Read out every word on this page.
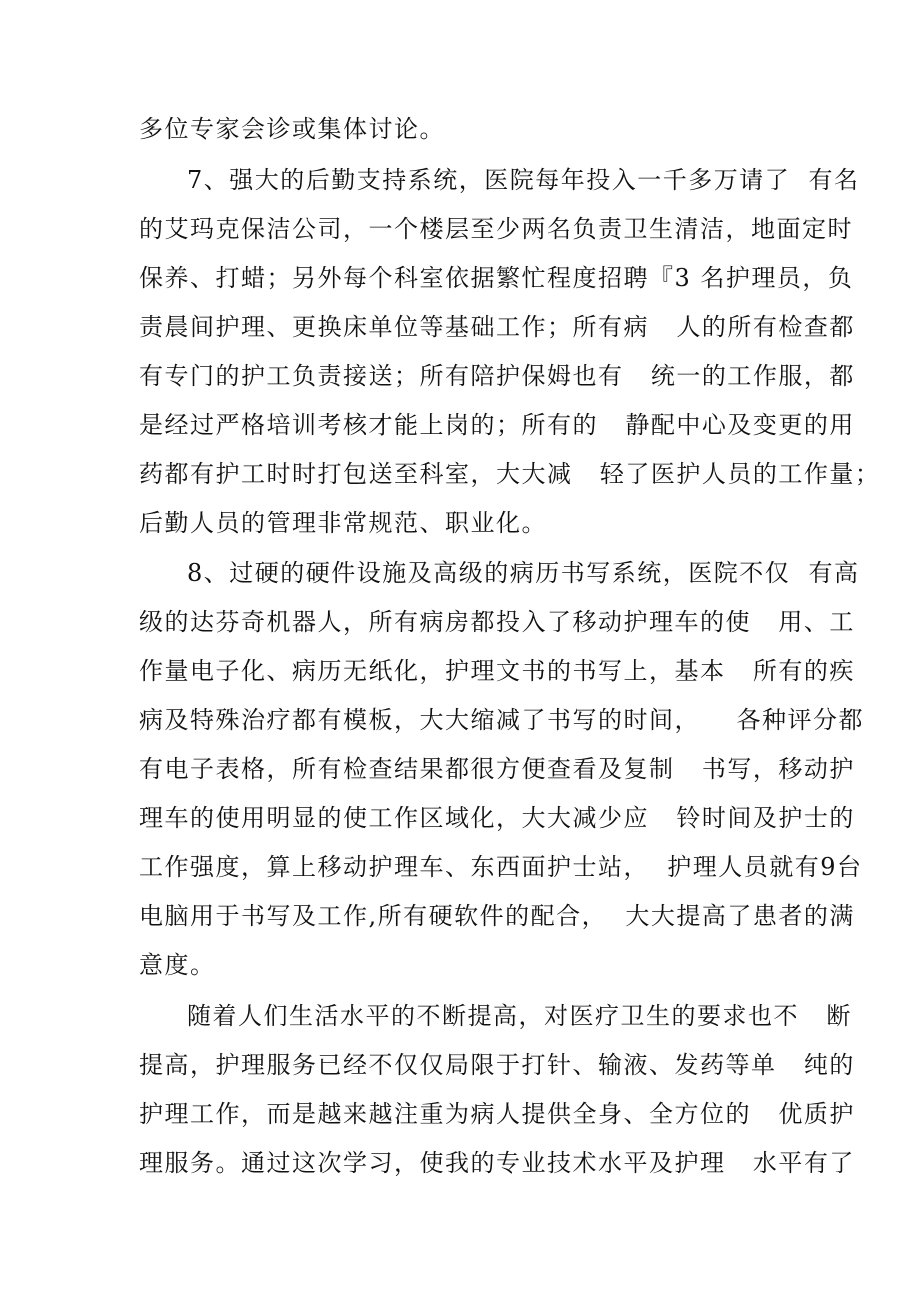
多位专家会诊或集体讨论。
7、强大的后勤支持系统，医院每年投入一千多万请了  有名
的艾玛克保洁公司，一个楼层至少两名负责卫生清洁，地面定时
保养、打蜡；另外每个科室依据繁忙程度招聘『3 名护理员，负
责晨间护理、更换床单位等基础工作；所有病   人的所有检查都
有专门的护工负责接送；所有陪护保姆也有   统一的工作服，都
是经过严格培训考核才能上岗的；所有的   静配中心及变更的用
药都有护工时时打包送至科室，大大减   轻了医护人员的工作量；
后勤人员的管理非常规范、职业化。
8、过硬的硬件设施及高级的病历书写系统，医院不仅  有高
级的达芬奇机器人，所有病房都投入了移动护理车的使   用、工
作量电子化、病历无纸化，护理文书的书写上，基本   所有的疾
病及特殊治疗都有模板，大大缩减了书写的时间，    各种评分都
有电子表格，所有检查结果都很方便查看及复制   书写，移动护
理车的使用明显的使工作区域化，大大减少应   铃时间及护士的
工作强度，算上移动护理车、东西面护士站，  护理人员就有9台
电脑用于书写及工作,所有硬软件的配合，  大大提高了患者的满
意度。
随着人们生活水平的不断提高，对医疗卫生的要求也不   断
提高，护理服务已经不仅仅局限于打针、输液、发药等单   纯的
护理工作，而是越来越注重为病人提供全身、全方位的   优质护
理服务。通过这次学习，使我的专业技术水平及护理   水平有了
